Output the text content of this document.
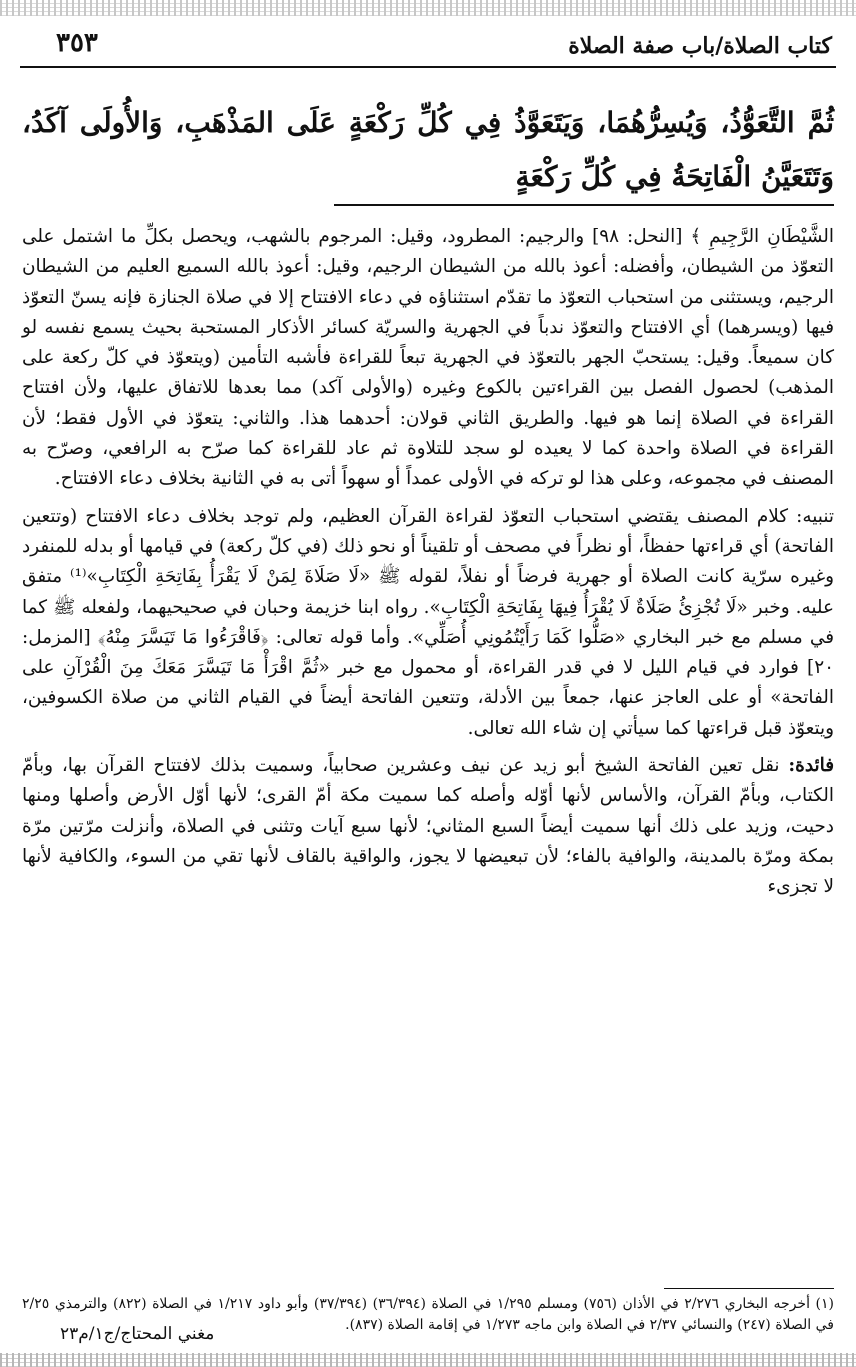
كتاب الصلاة/باب صفة الصلاة
٣٥٣
ثُمَّ التَّعَوُّذُ، وَيُسِرُّهُمَا، وَيَتَعَوَّذُ فِي كُلِّ رَكْعَةٍ عَلَى المَذْهَبِ، وَالأُولَى آكَدُ، وَتَتَعَيَّنُ الْفَاتِحَةُ فِي كُلِّ رَكْعَةٍ

الشَّيْطَانِ الرَّجِيمِ ﴾ [النحل: ٩٨] والرجيم: المطرود، وقيل: المرجوم بالشهب، ويحصل بكلِّ ما اشتمل على التعوّذ من الشيطان، وأفضله: أعوذ بالله من الشيطان الرجيم، وقيل: أعوذ بالله السميع العليم من الشيطان الرجيم، ويستثنى من استحباب التعوّذ ما تقدّم استثناؤه في دعاء الافتتاح إلا في صلاة الجنازة فإنه يسنّ التعوّذ فيها (ويسرهما) أي الافتتاح والتعوّذ ندباً في الجهرية والسريّة كسائر الأذكار المستحبة بحيث يسمع نفسه لو كان سميعاً. وقيل: يستحبّ الجهر بالتعوّذ في الجهرية تبعاً للقراءة فأشبه التأمين (ويتعوّذ في كلّ ركعة على المذهب) لحصول الفصل بين القراءتين بالكوع وغيره (والأولى آكد) مما بعدها للاتفاق عليها، ولأن افتتاح القراءة في الصلاة إنما هو فيها. والطريق الثاني قولان: أحدهما هذا. والثاني: يتعوّذ في الأول فقط؛ لأن القراءة في الصلاة واحدة كما لا يعيده لو سجد للتلاوة ثم عاد للقراءة كما صرّح به الرافعي، وصرّح به المصنف في مجموعه، وعلى هذا لو تركه في الأولى عمداً أو سهواً أتى به في الثانية بخلاف دعاء الافتتاح.

تنبيه: كلام المصنف يقتضي استحباب التعوّذ لقراءة القرآن العظيم، ولم توجد بخلاف دعاء الافتتاح (وتتعين الفاتحة) أي قراءتها حفظاً، أو نظراً في مصحف أو تلقيناً أو نحو ذلك (في كلّ ركعة) في قيامها أو بدله للمنفرد وغيره سرّية كانت الصلاة أو جهرية فرضاً أو نفلاً، لقوله ﷺ «لَا صَلَاةَ لِمَنْ لَا يَقْرَأُ بِفَاتِحَةِ الْكِتَابِ»⁽¹⁾ متفق عليه. وخبر «لَا تُجْزِئُ صَلَاةٌ لَا يُقْرَأُ فِيهَا بِفَاتِحَةِ الْكِتَابِ». رواه ابنا خزيمة وحبان في صحيحيهما، ولفعله ﷺ كما في مسلم مع خبر البخاري «صَلُّوا كَمَا رَأَيْتُمُونِي أُصَلِّي». وأما قوله تعالى: ﴿فَاقْرَءُوا مَا تَيَسَّرَ مِنْهُ﴾ [المزمل: ٢٠] فوارد في قيام الليل لا في قدر القراءة، أو محمول مع خبر «ثُمَّ اقْرَأْ مَا تَيَسَّرَ مَعَكَ مِنَ الْقُرْآنِ على الفاتحة» أو على العاجز عنها، جمعاً بين الأدلة، وتتعين الفاتحة أيضاً في القيام الثاني من صلاة الكسوفين، ويتعوّذ قبل قراءتها كما سيأتي إن شاء الله تعالى.

فائدة: نقل تعين الفاتحة الشيخ أبو زيد عن نيف وعشرين صحابياً، وسميت بذلك لافتتاح القرآن بها، وبأمّ الكتاب، وبأمّ القرآن، والأساس لأنها أوّله وأصله كما سميت مكة أمّ القرى؛ لأنها أوّل الأرض وأصلها ومنها دحيت، وزيد على ذلك أنها سميت أيضاً السبع المثاني؛ لأنها سبع آيات وتثنى في الصلاة، وأنزلت مرّتين مرّة بمكة ومرّة بالمدينة، والوافية بالفاء؛ لأن تبعيضها لا يجوز، والواقية بالقاف لأنها تقي من السوء، والكافية لأنها لا تجزىء

(١) أخرجه البخاري ٢/٢٧٦ في الأذان (٧٥٦) ومسلم ١/٢٩٥ في الصلاة (٣٦/٣٩٤) (٣٧/٣٩٤) وأبو داود ١/٢١٧ في الصلاة (٨٢٢) والترمذي ٢/٢٥ في الصلاة (٢٤٧) والنسائي ٢/٣٧ في الصلاة وابن ماجه ١/٢٧٣ في إقامة الصلاة (٨٣٧).

مغني المحتاج/ج١/م٢٣
